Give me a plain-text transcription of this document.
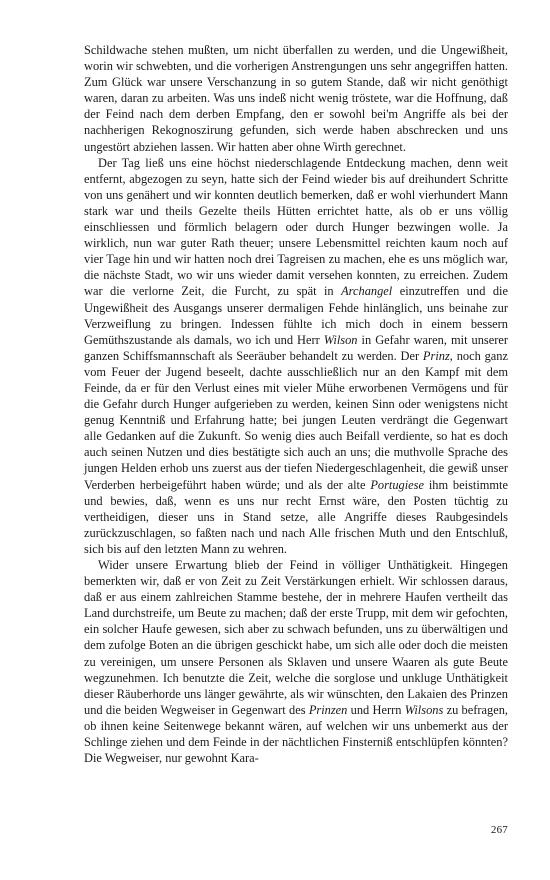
Schildwache stehen mußten, um nicht überfallen zu werden, und die Ungewißheit, worin wir schwebten, und die vorherigen Anstrengungen uns sehr angegriffen hatten. Zum Glück war unsere Verschanzung in so gutem Stande, daß wir nicht genöthigt waren, daran zu arbeiten. Was uns indeß nicht wenig tröstete, war die Hoffnung, daß der Feind nach dem derben Empfang, den er sowohl bei'm Angriffe als bei der nachherigen Rekognoszirung gefunden, sich werde haben abschrecken und uns ungestört abziehen lassen. Wir hatten aber ohne Wirth gerechnet.

Der Tag ließ uns eine höchst niederschlagende Entdeckung machen, denn weit entfernt, abgezogen zu seyn, hatte sich der Feind wieder bis auf dreihundert Schritte von uns genähert und wir konnten deutlich bemerken, daß er wohl vierhundert Mann stark war und theils Gezelte theils Hütten errichtet hatte, als ob er uns völlig einschliessen und förmlich belagern oder durch Hunger bezwingen wolle. Ja wirklich, nun war guter Rath theuer; unsere Lebensmittel reichten kaum noch auf vier Tage hin und wir hatten noch drei Tagreisen zu machen, ehe es uns möglich war, die nächste Stadt, wo wir uns wieder damit versehen konnten, zu erreichen. Zudem war die verlorne Zeit, die Furcht, zu spät in Archangel einzutreffen und die Ungewißheit des Ausgangs unserer dermaligen Fehde hinlänglich, uns beinahe zur Verzweiflung zu bringen. Indessen fühlte ich mich doch in einem bessern Gemüthszustande als damals, wo ich und Herr Wilson in Gefahr waren, mit unserer ganzen Schiffsmannschaft als Seeräuber behandelt zu werden. Der Prinz, noch ganz vom Feuer der Jugend beseelt, dachte ausschließlich nur an den Kampf mit dem Feinde, da er für den Verlust eines mit vieler Mühe erworbenen Vermögens und für die Gefahr durch Hunger aufgerieben zu werden, keinen Sinn oder wenigstens nicht genug Kenntniß und Erfahrung hatte; bei jungen Leuten verdrängt die Gegenwart alle Gedanken auf die Zukunft. So wenig dies auch Beifall verdiente, so hat es doch auch seinen Nutzen und dies bestätigte sich auch an uns; die muthvolle Sprache des jungen Helden erhob uns zuerst aus der tiefen Niedergeschlagenheit, die gewiß unser Verderben herbeigeführt haben würde; und als der alte Portugiese ihm beistimmte und bewies, daß, wenn es uns nur recht Ernst wäre, den Posten tüchtig zu vertheidigen, dieser uns in Stand setze, alle Angriffe dieses Raubgesindels zurückzuschlagen, so faßten nach und nach Alle frischen Muth und den Entschluß, sich bis auf den letzten Mann zu wehren.

Wider unsere Erwartung blieb der Feind in völliger Unthätigkeit. Hingegen bemerkten wir, daß er von Zeit zu Zeit Verstärkungen erhielt. Wir schlossen daraus, daß er aus einem zahlreichen Stamme bestehe, der in mehrere Haufen vertheilt das Land durchstreife, um Beute zu machen; daß der erste Trupp, mit dem wir gefochten, ein solcher Haufe gewesen, sich aber zu schwach befunden, uns zu überwältigen und dem zufolge Boten an die übrigen geschickt habe, um sich alle oder doch die meisten zu vereinigen, um unsere Personen als Sklaven und unsere Waaren als gute Beute wegzunehmen. Ich benutzte die Zeit, welche die sorglose und unkluge Unthätigkeit dieser Räuberhorde uns länger gewährte, als wir wünschten, den Lakaien des Prinzen und die beiden Wegweiser in Gegenwart des Prinzen und Herrn Wilsons zu befragen, ob ihnen keine Seitenwege bekannt wären, auf welchen wir uns unbemerkt aus der Schlinge ziehen und dem Feinde in der nächtlichen Finsterniß entschlüpfen könnten? Die Wegweiser, nur gewohnt Kara-

267
